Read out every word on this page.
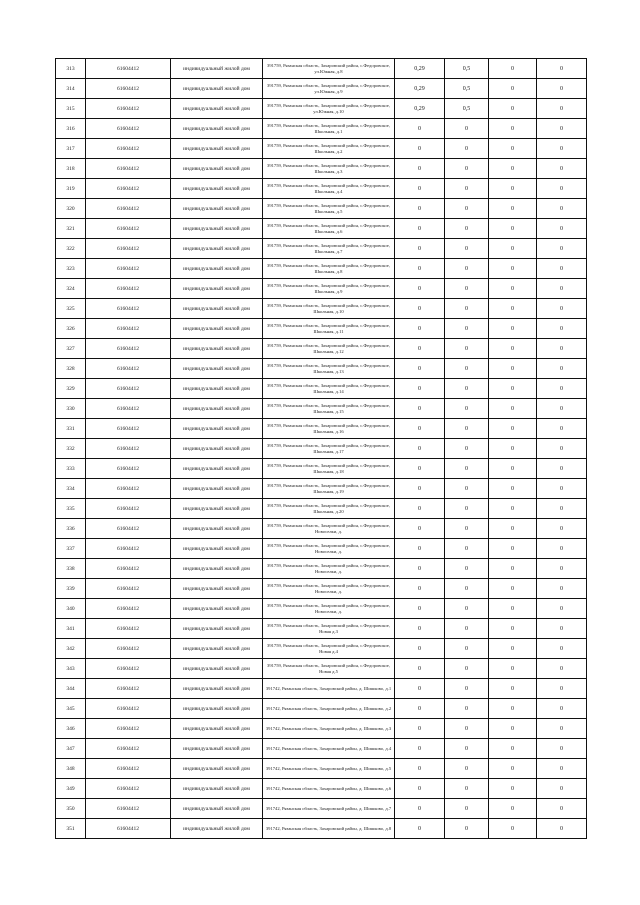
313	61604412	индивидуальный жилой дом	391759, Рязанская область, Захаровский район, с.Федоровское, ул.Южная, д.8	0,29	0,5	0	0
314	61604412	индивидуальный жилой дом	391759, Рязанская область, Захаровский район, с.Федоровское, ул.Южная, д.9	0,29	0,5	0	0
315	61604412	индивидуальный жилой дом	391759, Рязанская область, Захаровский район, с.Федоровское, ул.Южная, д.10	0,29	0,5	0	0
316	61604412	индивидуальный жилой дом	391759, Рязанская область, Захаровский район, с.Федоровское, Школьная, д.1	0	0	0	0
317	61604412	индивидуальный жилой дом	391759, Рязанская область, Захаровский район, с.Федоровское, Школьная, д.2	0	0	0	0
318	61604412	индивидуальный жилой дом	391759, Рязанская область, Захаровский район, с.Федоровское, Школьная, д.3	0	0	0	0
319	61604412	индивидуальный жилой дом	391759, Рязанская область, Захаровский район, с.Федоровское, Школьная, д.4	0	0	0	0
320	61604412	индивидуальный жилой дом	391759, Рязанская область, Захаровский район, с.Федоровское, Школьная, д.5	0	0	0	0
321	61604412	индивидуальный жилой дом	391759, Рязанская область, Захаровский район, с.Федоровское, Школьная, д.6	0	0	0	0
322	61604412	индивидуальный жилой дом	391759, Рязанская область, Захаровский район, с.Федоровское, Школьная, д.7	0	0	0	0
323	61604412	индивидуальный жилой дом	391759, Рязанская область, Захаровский район, с.Федоровское, Школьная, д.8	0	0	0	0
324	61604412	индивидуальный жилой дом	391759, Рязанская область, Захаровский район, с.Федоровское, Школьная, д.9	0	0	0	0
325	61604412	индивидуальный жилой дом	391759, Рязанская область, Захаровский район, с.Федоровское, Школьная, д.10	0	0	0	0
326	61604412	индивидуальный жилой дом	391759, Рязанская область, Захаровский район, с.Федоровское, Школьная, д.11	0	0	0	0
327	61604412	индивидуальный жилой дом	391759, Рязанская область, Захаровский район, с.Федоровское, Школьная, д.12	0	0	0	0
328	61604412	индивидуальный жилой дом	391759, Рязанская область, Захаровский район, с.Федоровское, Школьная, д.13	0	0	0	0
329	61604412	индивидуальный жилой дом	391759, Рязанская область, Захаровский район, с.Федоровское, Школьная, д.14	0	0	0	0
330	61604412	индивидуальный жилой дом	391759, Рязанская область, Захаровский район, с.Федоровское, Школьная, д.15	0	0	0	0
331	61604412	индивидуальный жилой дом	391759, Рязанская область, Захаровский район, с.Федоровское, Школьная, д.16	0	0	0	0
332	61604412	индивидуальный жилой дом	391759, Рязанская область, Захаровский район, с.Федоровское, Школьная, д.17	0	0	0	0
333	61604412	индивидуальный жилой дом	391759, Рязанская область, Захаровский район, с.Федоровское, Школьная, д.18	0	0	0	0
334	61604412	индивидуальный жилой дом	391759, Рязанская область, Захаровский район, с.Федоровское, Школьная, д.19	0	0	0	0
335	61604412	индивидуальный жилой дом	391759, Рязанская область, Захаровский район, с.Федоровское, Школьная, д.20	0	0	0	0
336	61604412	индивидуальный жилой дом	391759, Рязанская область, Захаровский район, с.Федоровское, Новоселки, д.	0	0	0	0
337	61604412	индивидуальный жилой дом	391759, Рязанская область, Захаровский район, с.Федоровское, Новоселки, д.	0	0	0	0
338	61604412	индивидуальный жилой дом	391759, Рязанская область, Захаровский район, с.Федоровское, Новоселки, д.	0	0	0	0
339	61604412	индивидуальный жилой дом	391759, Рязанская область, Захаровский район, с.Федоровское, Новоселки, д.	0	0	0	0
340	61604412	индивидуальный жилой дом	391759, Рязанская область, Захаровский район, с.Федоровское, Новоселки, д.	0	0	0	0
341	61604412	индивидуальный жилой дом	391759, Рязанская область, Захаровский район, с.Федоровское, Новая д.3	0	0	0	0
342	61604412	индивидуальный жилой дом	391759, Рязанская область, Захаровский район, с.Федоровское, Новая д.4	0	0	0	0
343	61604412	индивидуальный жилой дом	391759, Рязанская область, Захаровский район, с.Федоровское, Новая д.5	0	0	0	0
344	61604412	индивидуальный жилой дом	391742, Рязанская область, Захаровский район, д. Шишково, д.1	0	0	0	0
345	61604412	индивидуальный жилой дом	391742, Рязанская область, Захаровский район, д. Шишково, д.2	0	0	0	0
346	61604412	индивидуальный жилой дом	391742, Рязанская область, Захаровский район, д. Шишково, д.3	0	0	0	0
347	61604412	индивидуальный жилой дом	391742, Рязанская область, Захаровский район, д. Шишково, д.4	0	0	0	0
348	61604412	индивидуальный жилой дом	391742, Рязанская область, Захаровский район, д. Шишково, д.5	0	0	0	0
349	61604412	индивидуальный жилой дом	391742, Рязанская область, Захаровский район, д. Шишково, д.6	0	0	0	0
350	61604412	индивидуальный жилой дом	391742, Рязанская область, Захаровский район, д. Шишково, д.7	0	0	0	0
351	61604412	индивидуальный жилой дом	391742, Рязанская область, Захаровский район, д. Шишково, д.8	0	0	0	0
